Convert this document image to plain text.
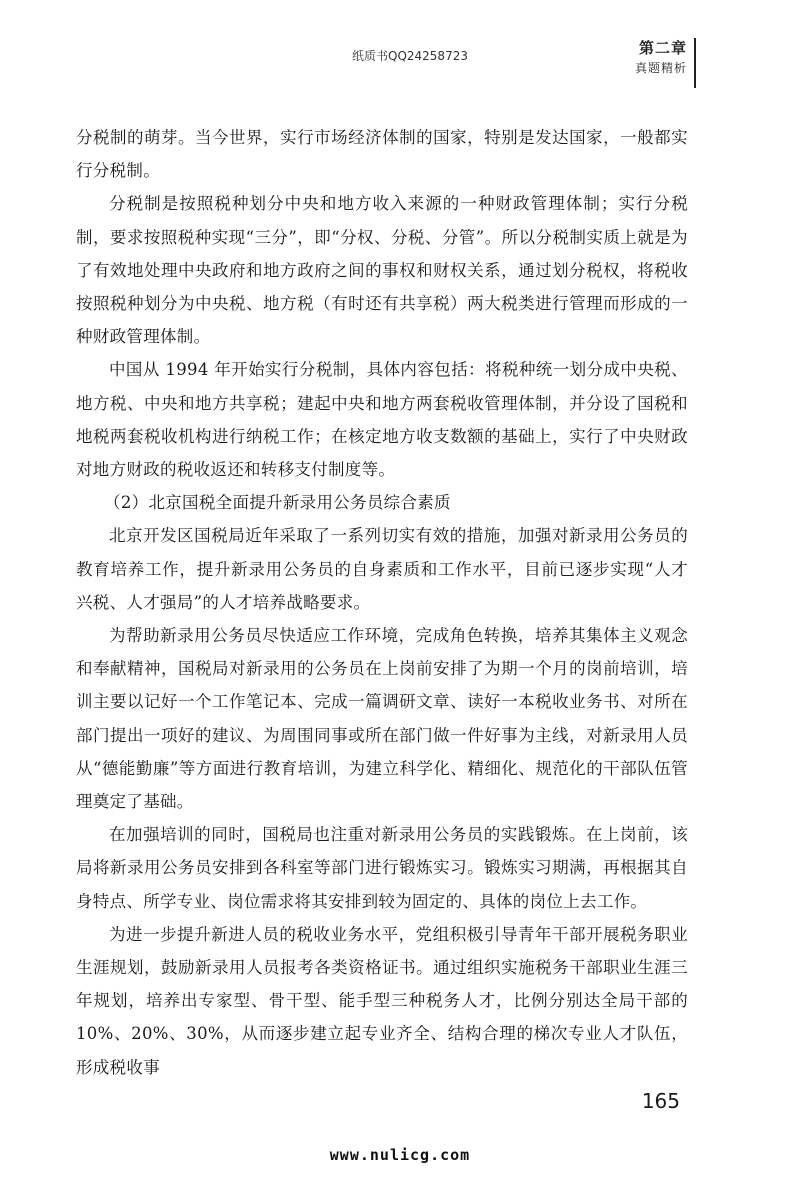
纸质书QQ24258723	第二章
真题精析

分税制的萌芽。当今世界，实行市场经济体制的国家，特别是发达国家，一般都实行分税制。

分税制是按照税种划分中央和地方收入来源的一种财政管理体制；实行分税制，要求按照税种实现“三分”，即“分权、分税、分管”。所以分税制实质上就是为了有效地处理中央政府和地方政府之间的事权和财权关系，通过划分税权，将税收按照税种划分为中央税、地方税（有时还有共享税）两大税类进行管理而形成的一种财政管理体制。

中国从 1994 年开始实行分税制，具体内容包括：将税种统一划分成中央税、地方税、中央和地方共享税；建起中央和地方两套税收管理体制，并分设了国税和地税两套税收机构进行纳税工作；在核定地方收支数额的基础上，实行了中央财政对地方财政的税收返还和转移支付制度等。

（2）北京国税全面提升新录用公务员综合素质

北京开发区国税局近年采取了一系列切实有效的措施，加强对新录用公务员的教育培养工作，提升新录用公务员的自身素质和工作水平，目前已逐步实现“人才兴税、人才强局”的人才培养战略要求。

为帮助新录用公务员尽快适应工作环境，完成角色转换，培养其集体主义观念和奉献精神，国税局对新录用的公务员在上岗前安排了为期一个月的岗前培训，培训主要以记好一个工作笔记本、完成一篇调研文章、读好一本税收业务书、对所在部门提出一项好的建议、为周围同事或所在部门做一件好事为主线，对新录用人员从“德能勤廉”等方面进行教育培训，为建立科学化、精细化、规范化的干部队伍管理奠定了基础。

在加强培训的同时，国税局也注重对新录用公务员的实践锻炼。在上岗前，该局将新录用公务员安排到各科室等部门进行锻炼实习。锻炼实习期满，再根据其自身特点、所学专业、岗位需求将其安排到较为固定的、具体的岗位上去工作。

为进一步提升新进人员的税收业务水平，党组积极引导青年干部开展税务职业生涯规划，鼓励新录用人员报考各类资格证书。通过组织实施税务干部职业生涯三年规划，培养出专家型、骨干型、能手型三种税务人才，比例分别达全局干部的 10%、20%、30%，从而逐步建立起专业齐全、结构合理的梯次专业人才队伍，形成税收事

165
www.nulicg.com
